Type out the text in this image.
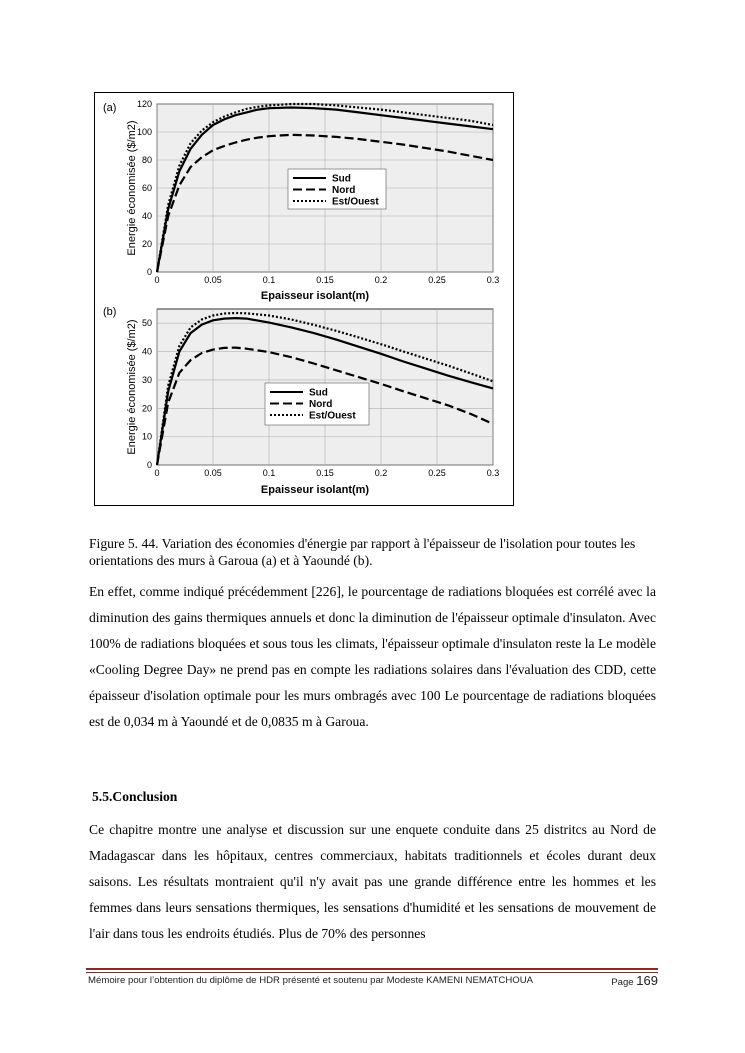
0	0.05	0.1	0.15	0.2	0.25	0.3
0
20
40
60
80
100
120
Sud
Nord
Est/Ouest
(a)
Energie économisée ($/m2)
Epaisseur isolant(m)
0	0.05	0.1	0.15	0.2	0.25	0.3
0
10
20
30
40
50
Sud
Nord
Est/Ouest
(b)
Energie économisée ($/m2)
Epaisseur isolant(m)
Figure 5. 44. Variation des économies d'énergie par rapport à l'épaisseur de l'isolation pour toutes les orientations des murs à Garoua (a) et à Yaoundé (b).
En effet, comme indiqué précédemment [226], le pourcentage de radiations bloquées est corrélé avec la diminution des gains thermiques annuels et donc la diminution de l'épaisseur optimale d'insulaton. Avec 100% de radiations bloquées et sous tous les climats, l'épaisseur optimale d'insulaton reste la Le modèle «Cooling Degree Day» ne prend pas en compte les radiations solaires dans l'évaluation des CDD, cette épaisseur d'isolation optimale pour les murs ombragés avec 100 Le pourcentage de radiations bloquées est de 0,034 m à Yaoundé et de 0,0835 m à Garoua.
5.5.Conclusion
Ce chapitre montre une analyse et discussion sur une enquete conduite dans 25 distritcs au Nord de Madagascar dans les hôpitaux, centres commerciaux, habitats traditionnels et écoles durant deux saisons. Les résultats montraient qu'il n'y avait pas une grande différence entre les hommes et les femmes dans leurs sensations thermiques, les sensations d'humidité et les sensations de mouvement de l'air dans tous les endroits étudiés. Plus de 70% des personnes
Mémoire pour l’obtention du diplôme de HDR présenté et soutenu par Modeste KAMENI NEMATCHOUA	Page 169
